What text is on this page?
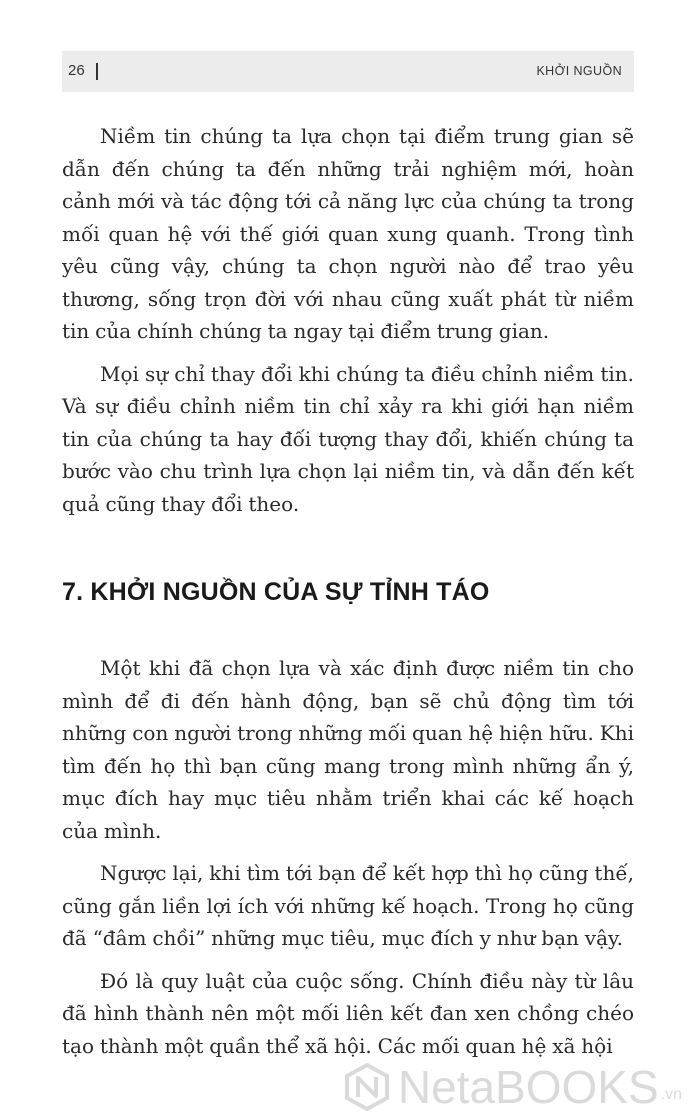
26	KHỞI NGUỒN

Niềm tin chúng ta lựa chọn tại điểm trung gian sẽ dẫn đến chúng ta đến những trải nghiệm mới, hoàn cảnh mới và tác động tới cả năng lực của chúng ta trong mối quan hệ với thế giới quan xung quanh. Trong tình yêu cũng vậy, chúng ta chọn người nào để trao yêu thương, sống trọn đời với nhau cũng xuất phát từ niềm tin của chính chúng ta ngay tại điểm trung gian.

Mọi sự chỉ thay đổi khi chúng ta điều chỉnh niềm tin. Và sự điều chỉnh niềm tin chỉ xảy ra khi giới hạn niềm tin của chúng ta hay đối tượng thay đổi, khiến chúng ta bước vào chu trình lựa chọn lại niềm tin, và dẫn đến kết quả cũng thay đổi theo.

7. KHỞI NGUỒN CỦA SỰ TỈNH TÁO

Một khi đã chọn lựa và xác định được niềm tin cho mình để đi đến hành động, bạn sẽ chủ động tìm tới những con người trong những mối quan hệ hiện hữu. Khi tìm đến họ thì bạn cũng mang trong mình những ẩn ý, mục đích hay mục tiêu nhằm triển khai các kế hoạch của mình.

Ngược lại, khi tìm tới bạn để kết hợp thì họ cũng thế, cũng gắn liền lợi ích với những kế hoạch. Trong họ cũng đã “đâm chồi” những mục tiêu, mục đích y như bạn vậy.

Đó là quy luật của cuộc sống. Chính điều này từ lâu đã hình thành nên một mối liên kết đan xen chồng chéo tạo thành một quần thể xã hội. Các mối quan hệ xã hội

NetaBOOKS .vn
